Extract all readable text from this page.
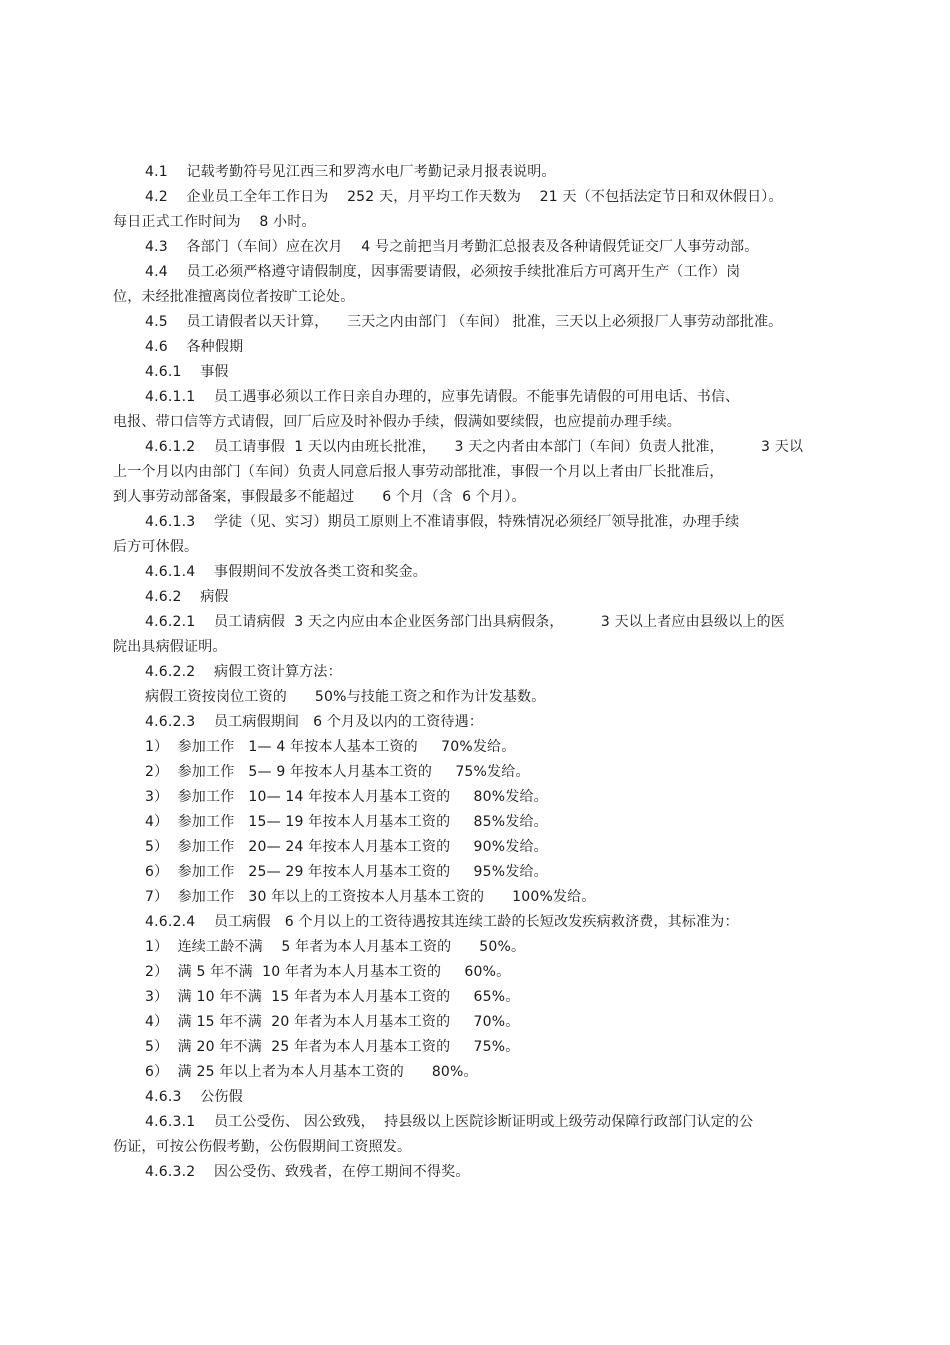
4.1    记载考勤符号见江西三和罗湾水电厂考勤记录月报表说明。
4.2    企业员工全年工作日为    252 天，月平均工作天数为    21 天（不包括法定节日和双休假日）。
每日正式工作时间为    8 小时。
4.3    各部门（车间）应在次月    4 号之前把当月考勤汇总报表及各种请假凭证交厂人事劳动部。
4.4    员工必须严格遵守请假制度，因事需要请假，必须按手续批准后方可离开生产（工作）岗
位，未经批准擅离岗位者按旷工论处。
4.5    员工请假者以天计算，    三天之内由部门 （车间） 批准，三天以上必须报厂人事劳动部批准。
4.6    各种假期
4.6.1    事假
4.6.1.1    员工遇事必须以工作日亲自办理的，应事先请假。不能事先请假的可用电话、书信、
电报、带口信等方式请假，回厂后应及时补假办手续，假满如要续假，也应提前办理手续。
4.6.1.2    员工请事假  1 天以内由班长批准，    3 天之内者由本部门（车间）负责人批准，        3 天以
上一个月以内由部门（车间）负责人同意后报人事劳动部批准，事假一个月以上者由厂长批准后，
到人事劳动部备案，事假最多不能超过      6 个月（含  6 个月）。
4.6.1.3    学徒（见、实习）期员工原则上不准请事假，特殊情况必须经厂领导批准，办理手续
后方可休假。
4.6.1.4    事假期间不发放各类工资和奖金。
4.6.2    病假
4.6.2.1    员工请病假  3 天之内应由本企业医务部门出具病假条，        3 天以上者应由县级以上的医
院出具病假证明。
4.6.2.2    病假工资计算方法：
病假工资按岗位工资的      50%与技能工资之和作为计发基数。
4.6.2.3    员工病假期间   6 个月及以内的工资待遇：
1）  参加工作   1— 4 年按本人基本工资的     70%发给。
2）  参加工作   5— 9 年按本人月基本工资的     75%发给。
3）  参加工作   10— 14 年按本人月基本工资的     80%发给。
4）  参加工作   15— 19 年按本人月基本工资的     85%发给。
5）  参加工作   20— 24 年按本人月基本工资的     90%发给。
6）  参加工作   25— 29 年按本人月基本工资的     95%发给。
7）  参加工作   30 年以上的工资按本人月基本工资的      100%发给。
4.6.2.4    员工病假   6 个月以上的工资待遇按其连续工龄的长短改发疾病救济费，其标准为：
1）  连续工龄不满    5 年者为本人月基本工资的      50%。
2）  满 5 年不满  10 年者为本人月基本工资的     60%。
3）  满 10 年不满  15 年者为本人月基本工资的     65%。
4）  满 15 年不满  20 年者为本人月基本工资的     70%。
5）  满 20 年不满  25 年者为本人月基本工资的     75%。
6）  满 25 年以上者为本人月基本工资的      80%。
4.6.3    公伤假
4.6.3.1    员工公受伤、 因公致残，  持县级以上医院诊断证明或上级劳动保障行政部门认定的公
伤证，可按公伤假考勤，公伤假期间工资照发。
4.6.3.2    因公受伤、致残者，在停工期间不得奖。
